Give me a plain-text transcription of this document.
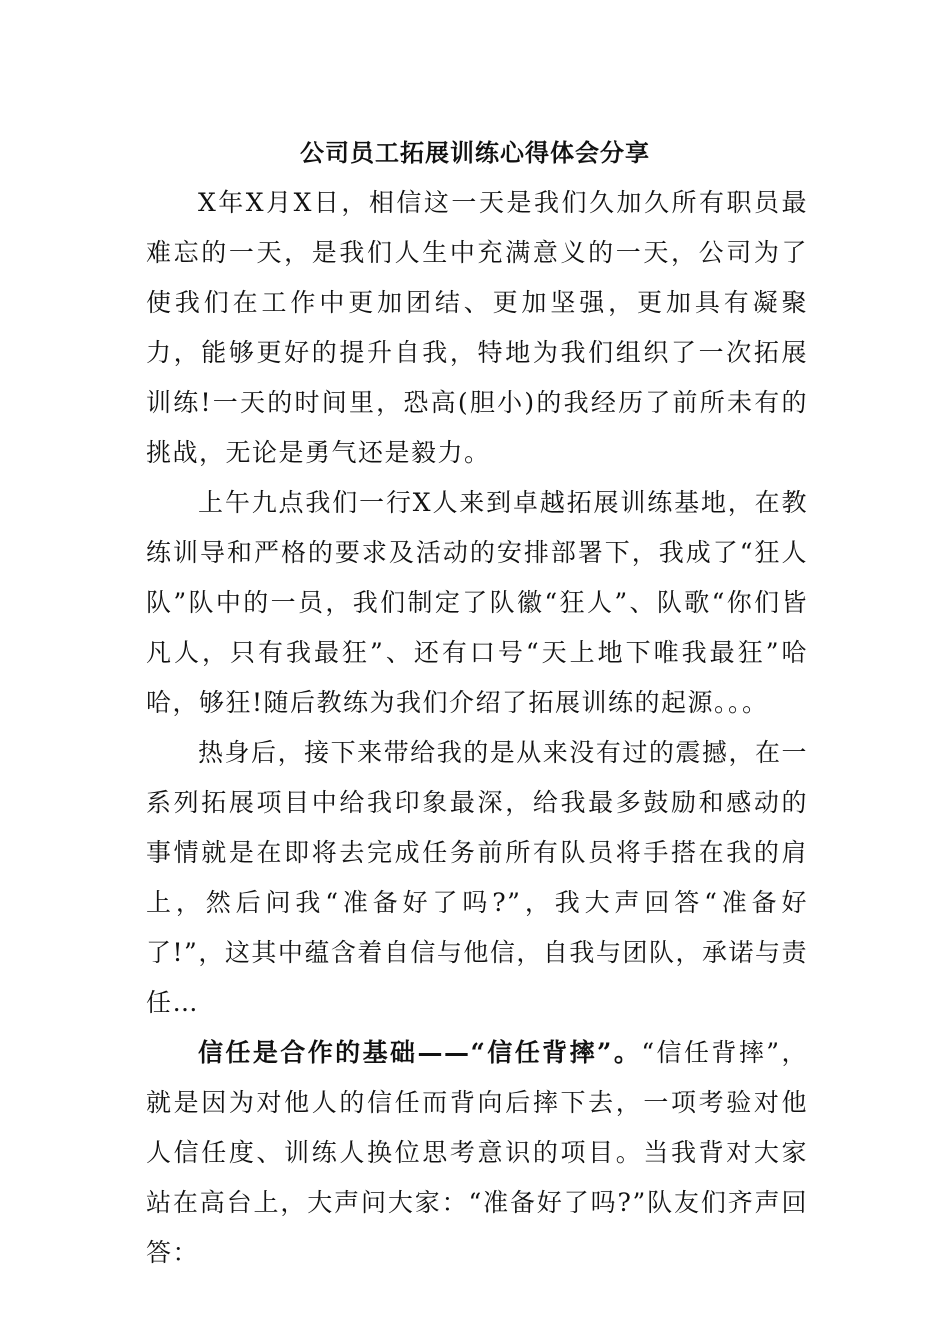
公司员工拓展训练心得体会分享

X年X月X日，相信这一天是我们久加久所有职员最难忘的一天，是我们人生中充满意义的一天，公司为了使我们在工作中更加团结、更加坚强，更加具有凝聚力，能够更好的提升自我，特地为我们组织了一次拓展训练!一天的时间里，恐高(胆小)的我经历了前所未有的挑战，无论是勇气还是毅力。

上午九点我们一行X人来到卓越拓展训练基地，在教练训导和严格的要求及活动的安排部署下，我成了“狂人队”队中的一员，我们制定了队徽“狂人”、队歌“你们皆凡人，只有我最狂”、还有口号“天上地下唯我最狂”哈哈，够狂!随后教练为我们介绍了拓展训练的起源。。。

热身后，接下来带给我的是从来没有过的震撼，在一系列拓展项目中给我印象最深，给我最多鼓励和感动的事情就是在即将去完成任务前所有队员将手搭在我的肩上，然后问我“准备好了吗?”，我大声回答“准备好了!”，这其中蕴含着自信与他信，自我与团队，承诺与责任…

信任是合作的基础——“信任背摔”。“信任背摔”，就是因为对他人的信任而背向后摔下去，一项考验对他人信任度、训练人换位思考意识的项目。当我背对大家站在高台上，大声问大家：“准备好了吗?”队友们齐声回答：
